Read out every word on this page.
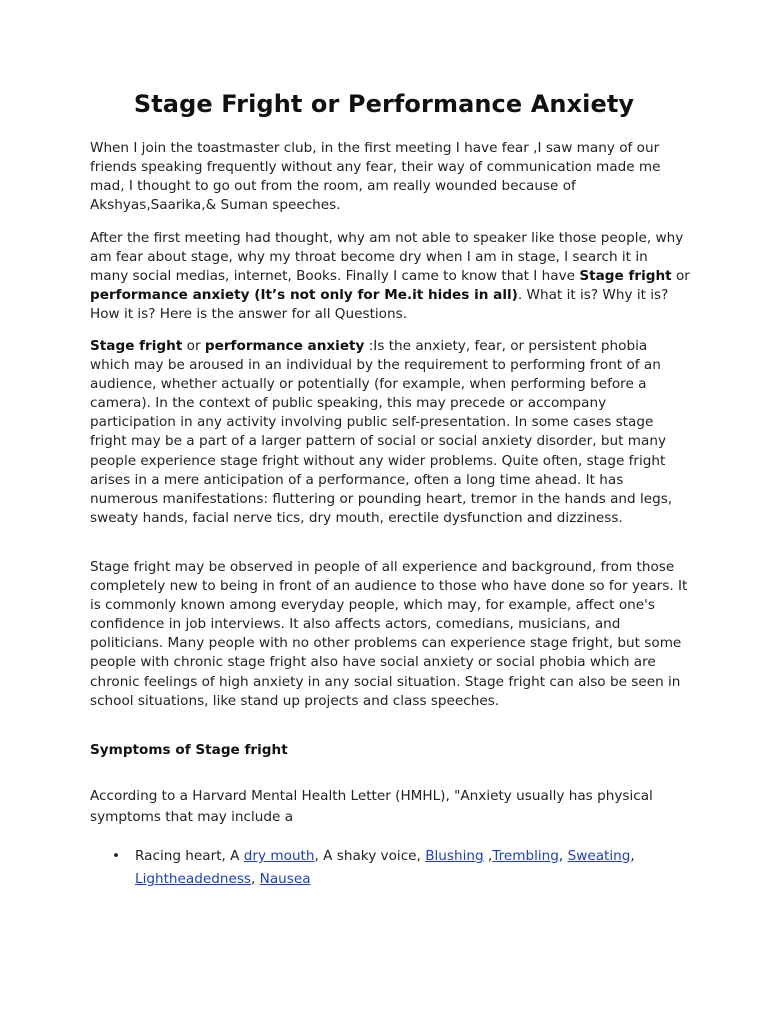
Stage Fright or Performance Anxiety
When I join the toastmaster club, in the first meeting I have fear ,I saw many of our friends speaking frequently without any fear, their way of communication made me mad, I thought to go out from the room, am really wounded because of Akshyas,Saarika,& Suman speeches.
After the first meeting had thought, why am not able to speaker like those people, why am fear about stage, why my throat become dry when I am in stage, I search it in many social medias, internet, Books. Finally I came to know that I have Stage fright or performance anxiety (It’s not only for Me.it hides in all). What it is? Why it is? How it is? Here is the answer for all Questions.
Stage fright or performance anxiety :Is the anxiety, fear, or persistent phobia which may be aroused in an individual by the requirement to performing front of an audience, whether actually or potentially (for example, when performing before a camera). In the context of public speaking, this may precede or accompany participation in any activity involving public self-presentation. In some cases stage fright may be a part of a larger pattern of social or social anxiety disorder, but many people experience stage fright without any wider problems. Quite often, stage fright arises in a mere anticipation of a performance, often a long time ahead. It has numerous manifestations: fluttering or pounding heart, tremor in the hands and legs, sweaty hands, facial nerve tics, dry mouth, erectile dysfunction and dizziness.
Stage fright may be observed in people of all experience and background, from those completely new to being in front of an audience to those who have done so for years. It is commonly known among everyday people, which may, for example, affect one's confidence in job interviews. It also affects actors, comedians, musicians, and politicians. Many people with no other problems can experience stage fright, but some people with chronic stage fright also have social anxiety or social phobia which are chronic feelings of high anxiety in any social situation. Stage fright can also be seen in school situations, like stand up projects and class speeches.
Symptoms of Stage fright
According to a Harvard Mental Health Letter (HMHL), "Anxiety usually has physical symptoms that may include a
•	Racing heart, A dry mouth, A shaky voice, Blushing ,Trembling, Sweating, Lightheadedness, Nausea
